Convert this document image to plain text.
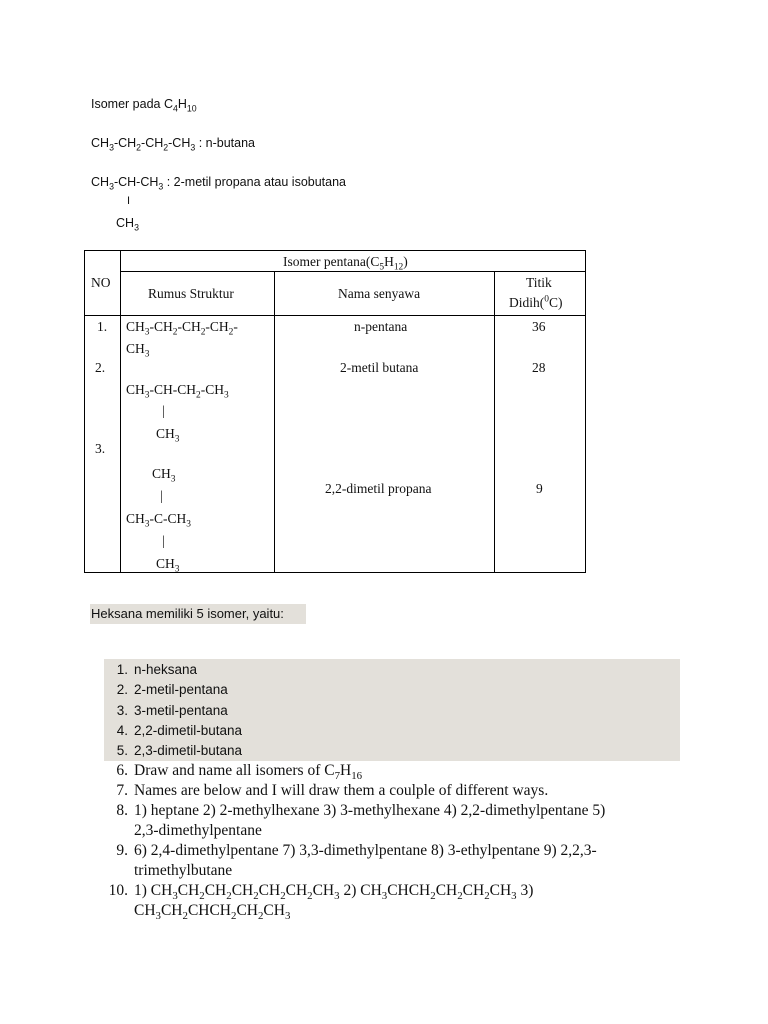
Isomer pada $C_4H_{10}$
$CH_3-CH_2-CH_2-CH_3$ : n-butana
$CH_3-CH-CH_3$ : 2-metil propana atau isobutana
I
$CH_3$
Isomer $pentana(C_5H_{12})$
NO
Rumus Struktur	Nama senyawa
Titik
Didih($^0$C)
1.
2.
3.
$CH_3-CH_2-CH_2-CH_2-$
$CH_3$
$CH_3-CH-CH_2-CH_3$
|
$CH_3$
$CH_3$
|
$CH_3-C-CH_3$
|
$CH_3$
n-pentana
2-metil butana
2,2-dimetil propana
36
28
9
Heksana memiliki 5 isomer, yaitu:
1. n-heksana
2. 2-metil-pentana
3. 3-metil-pentana
4. 2,2-dimetil-butana
5. 2,3-dimetil-butana
6. Draw and name all isomers of $C_7H_{16}$
7. Names are below and I will draw them a coulple of different ways.
8. 1) heptane 2) 2-methylhexane 3) 3-methylhexane 4) 2,2-dimethylpentane 5)
2,3-dimethylpentane
9. 6) 2,4-dimethylpentane 7) 3,3-dimethylpentane 8) 3-ethylpentane 9) 2,2,3-
trimethylbutane
10. 1) $CH_3CH_2CH_2CH_2CH_2CH_2CH_3$ 2) $CH_3CHCH_2CH_2CH_2CH_3$ 3)
$CH_3CH_2CHCH_2CH_2CH_3$
